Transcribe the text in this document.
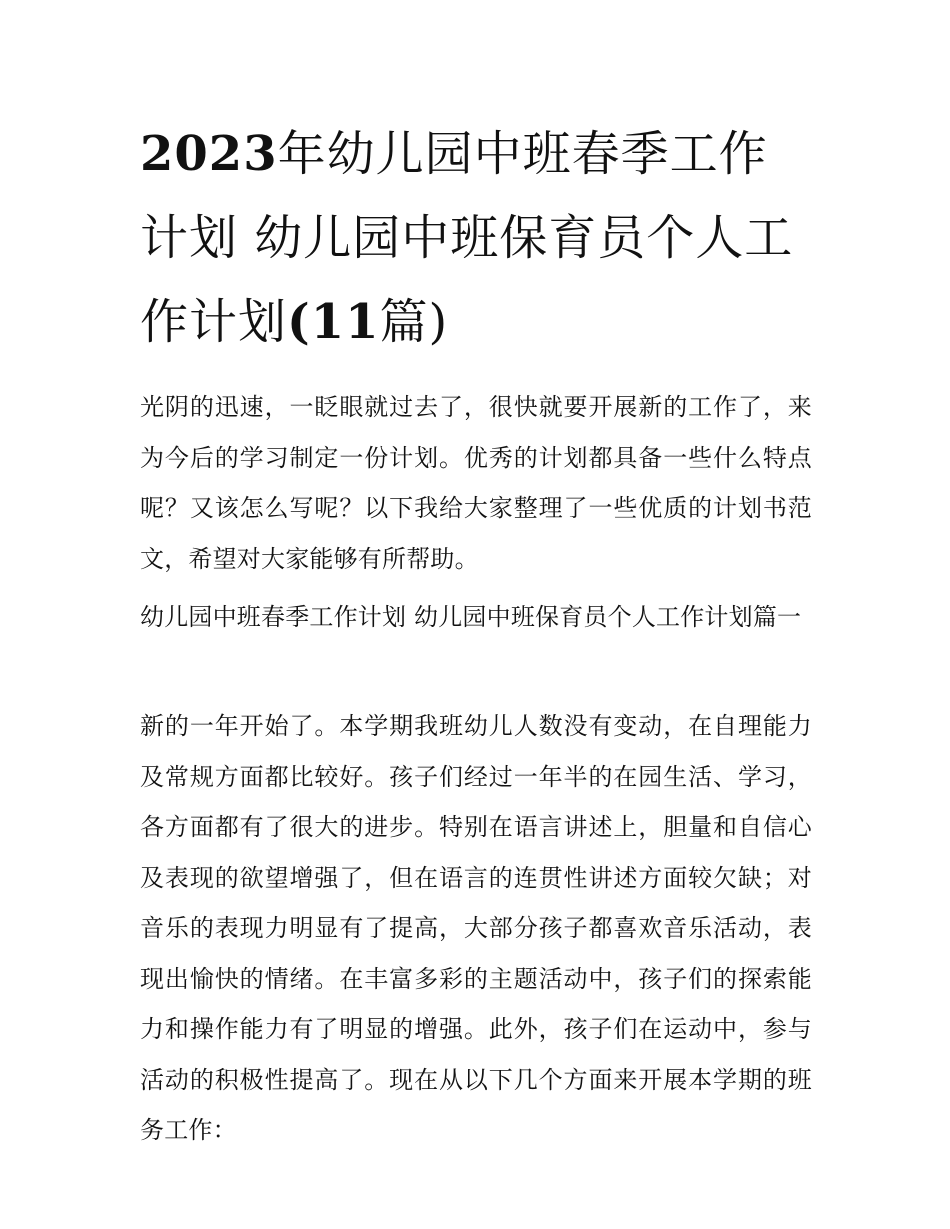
2023年幼儿园中班春季工作计划 幼儿园中班保育员个人工作计划(11篇)

光阴的迅速，一眨眼就过去了，很快就要开展新的工作了，来为今后的学习制定一份计划。优秀的计划都具备一些什么特点呢？又该怎么写呢？以下我给大家整理了一些优质的计划书范文，希望对大家能够有所帮助。

幼儿园中班春季工作计划 幼儿园中班保育员个人工作计划篇一

新的一年开始了。本学期我班幼儿人数没有变动，在自理能力及常规方面都比较好。孩子们经过一年半的在园生活、学习，各方面都有了很大的进步。特别在语言讲述上，胆量和自信心及表现的欲望增强了，但在语言的连贯性讲述方面较欠缺；对音乐的表现力明显有了提高，大部分孩子都喜欢音乐活动，表现出愉快的情绪。在丰富多彩的主题活动中，孩子们的探索能力和操作能力有了明显的增强。此外，孩子们在运动中，参与活动的积极性提高了。现在从以下几个方面来开展本学期的班务工作：
